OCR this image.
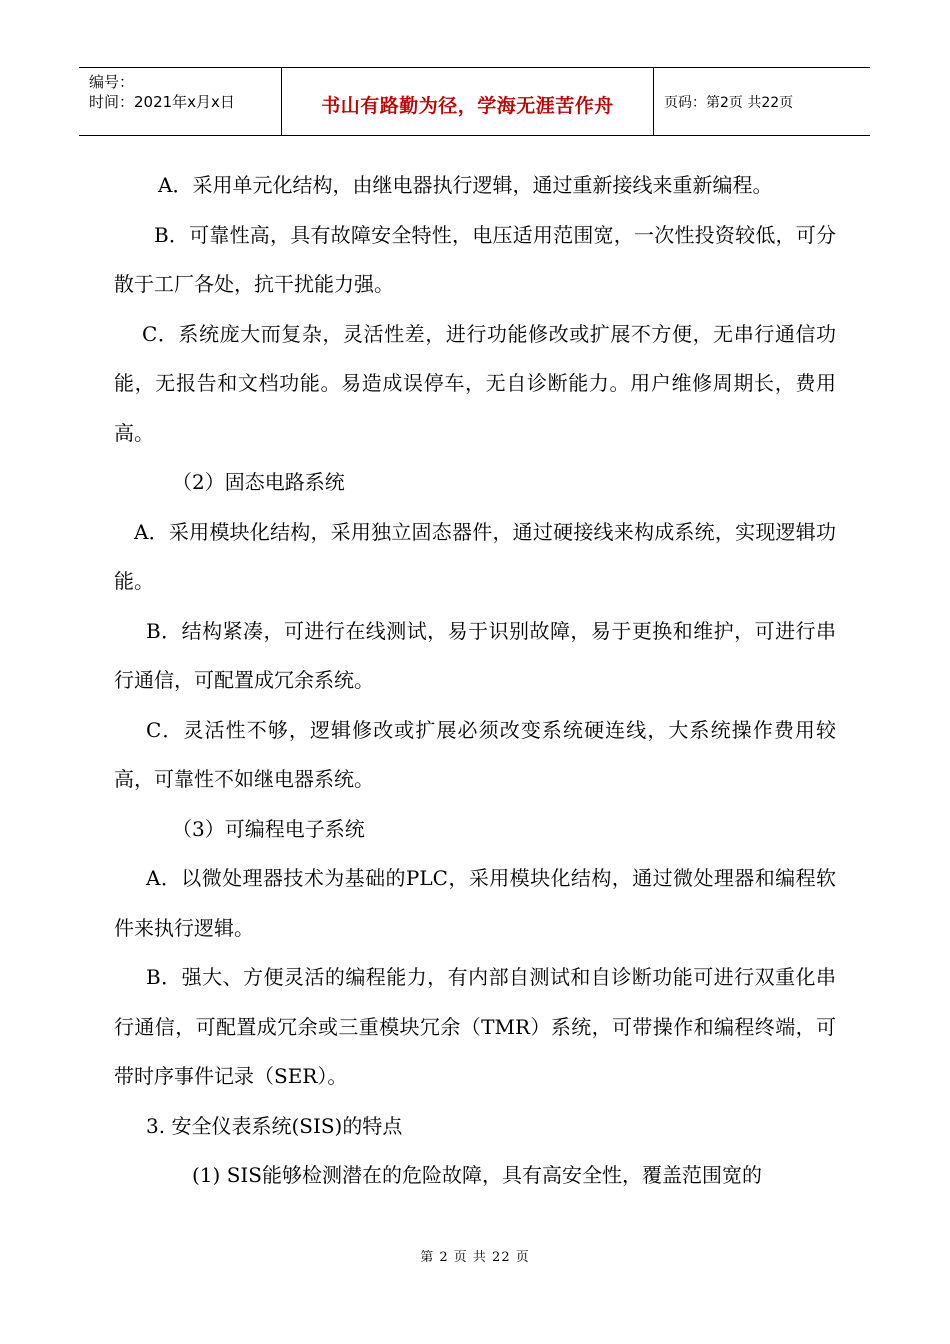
编号：
时间：2021年x月x日	书山有路勤为径，学海无涯苦作舟	页码：第2页 共22页

A．采用单元化结构，由继电器执行逻辑，通过重新接线来重新编程。

B．可靠性高，具有故障安全特性，电压适用范围宽，一次性投资较低，可分散于工厂各处，抗干扰能力强。

C．系统庞大而复杂，灵活性差，进行功能修改或扩展不方便，无串行通信功能，无报告和文档功能。易造成误停车，无自诊断能力。用户维修周期长，费用高。

（2）固态电路系统

A．采用模块化结构，采用独立固态器件，通过硬接线来构成系统，实现逻辑功能。

B．结构紧凑，可进行在线测试，易于识别故障，易于更换和维护，可进行串行通信，可配置成冗余系统。

C．灵活性不够，逻辑修改或扩展必须改变系统硬连线，大系统操作费用较高，可靠性不如继电器系统。

（3）可编程电子系统

A．以微处理器技术为基础的PLC，采用模块化结构，通过微处理器和编程软件来执行逻辑。

B．强大、方便灵活的编程能力，有内部自测试和自诊断功能可进行双重化串行通信，可配置成冗余或三重模块冗余（TMR）系统，可带操作和编程终端，可带时序事件记录（SER）。

3. 安全仪表系统(SIS)的特点

(1) SIS能够检测潜在的危险故障，具有高安全性，覆盖范围宽的

第 2 页 共 22 页
